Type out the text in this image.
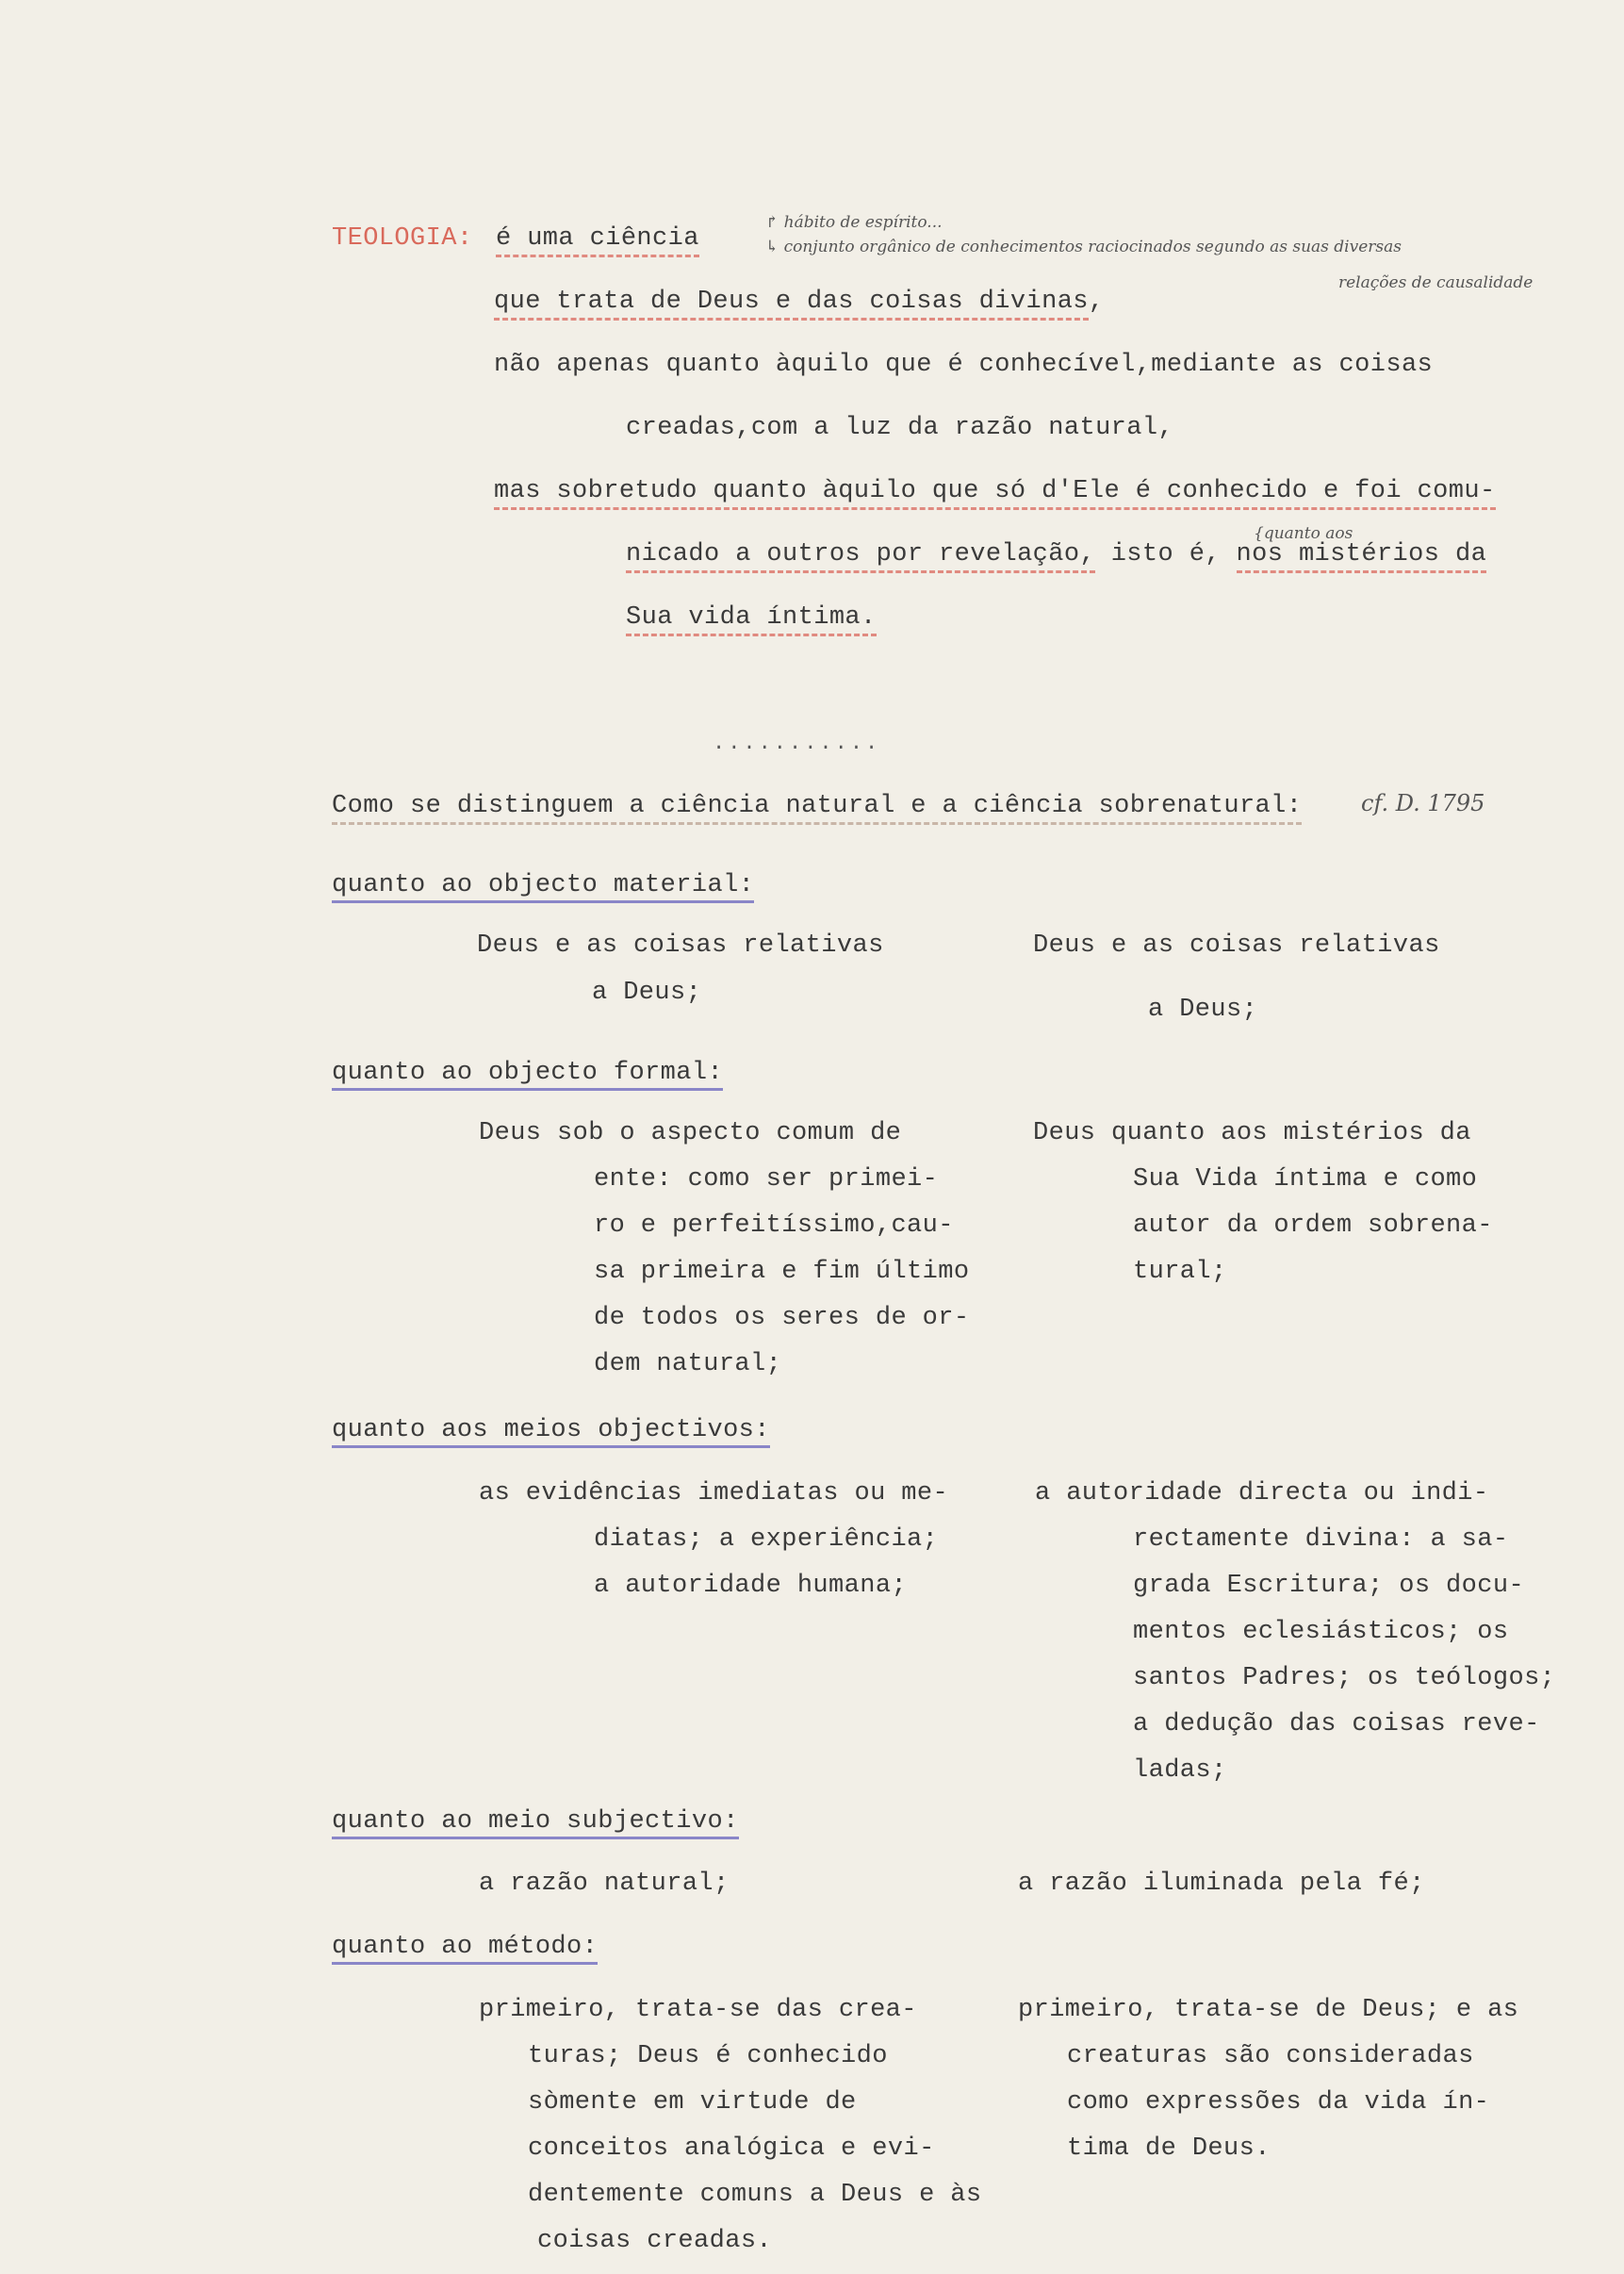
TEOLOGIA: é uma ciência
↱ hábito de espírito...
↳ conjunto orgânico de conhecimentos raciocinados segundo as suas diversas
relações de causalidade
que trata de Deus e das coisas divinas,
não apenas quanto àquilo que é conhecível,mediante as coisas
creadas,com a luz da razão natural,
mas sobretudo quanto àquilo que só d'Ele é conhecido e foi comu-
{quanto aos
nicado a outros por revelação, isto é, nos mistérios da
Sua vida íntima.
...........
Como se distinguem a ciência natural e a ciência sobrenatural:	cf. D. 1795
quanto ao objecto material:
Deus e as coisas relativas
a Deus;
Deus e as coisas relativas
a Deus;
quanto ao objecto formal:
Deus sob o aspecto comum de
ente: como ser primei-
ro e perfeitíssimo,cau-
sa primeira e fim último
de todos os seres de or-
dem natural;
Deus quanto aos mistérios da
Sua Vida íntima e como
autor da ordem sobrena-
tural;
quanto aos meios objectivos:
as evidências imediatas ou me-
diatas; a experiência;
a autoridade humana;
a autoridade directa ou indi-
rectamente divina: a sa-
grada Escritura; os docu-
mentos eclesiásticos; os
santos Padres; os teólogos;
a dedução das coisas reve-
ladas;
quanto ao meio subjectivo:
a razão natural;	a razão iluminada pela fé;
quanto ao método:
primeiro, trata-se das crea-
turas; Deus é conhecido
sòmente em virtude de
conceitos analógica e evi-
dentemente comuns a Deus e às
coisas creadas.
primeiro, trata-se de Deus; e as
creaturas são consideradas
como expressões da vida ín-
tima de Deus.
